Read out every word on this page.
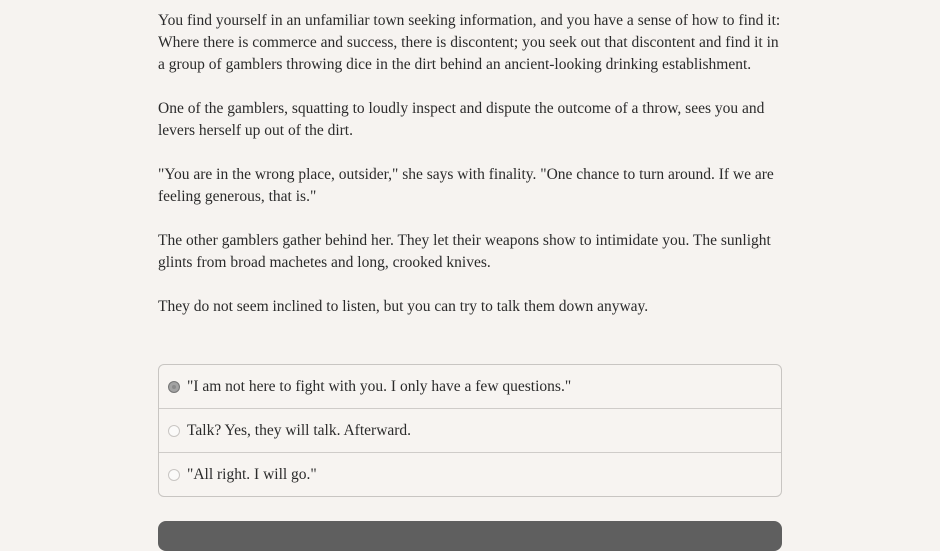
You find yourself in an unfamiliar town seeking information, and you have a sense of how to find it: Where there is commerce and success, there is discontent; you seek out that discontent and find it in a group of gamblers throwing dice in the dirt behind an ancient-looking drinking establishment.

One of the gamblers, squatting to loudly inspect and dispute the outcome of a throw, sees you and levers herself up out of the dirt.

"You are in the wrong place, outsider," she says with finality. "One chance to turn around. If we are feeling generous, that is."

The other gamblers gather behind her. They let their weapons show to intimidate you. The sunlight glints from broad machetes and long, crooked knives.

They do not seem inclined to listen, but you can try to talk them down anyway.

"I am not here to fight with you. I only have a few questions."
Talk? Yes, they will talk. Afterward.
"All right. I will go."
